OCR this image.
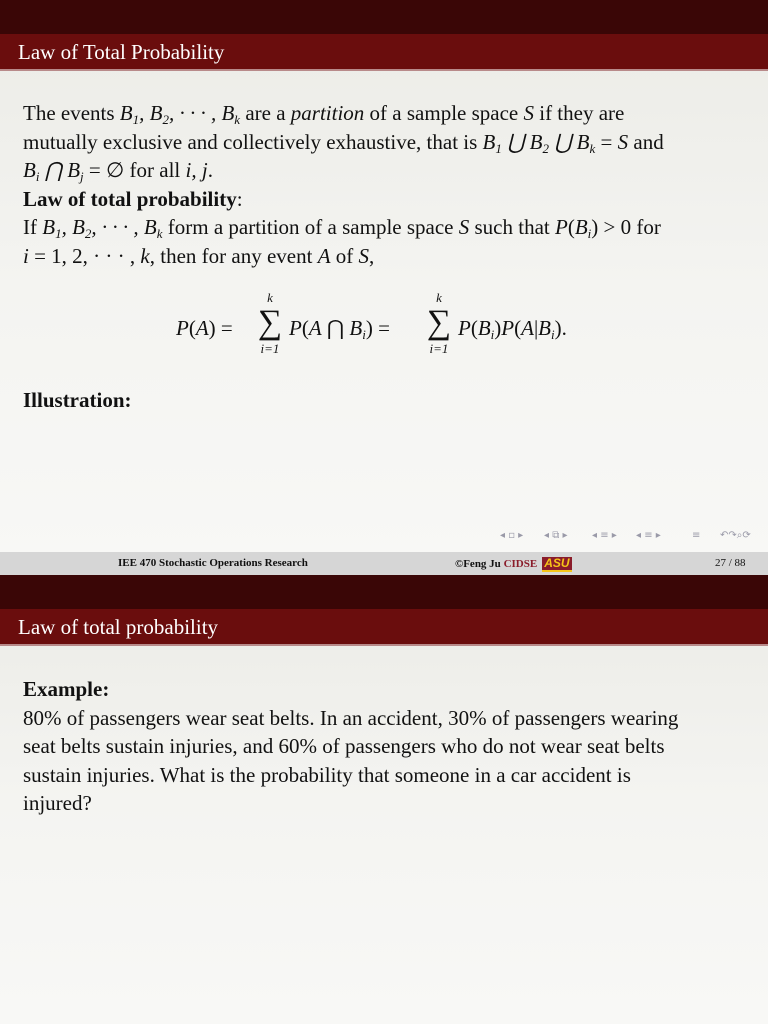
Law of Total Probability
The events $B_1$, $B_2$, · · · , $B_k$ are a partition of a sample space S if they are
mutually exclusive and collectively exhaustive, that is $B_1$ ⋃ $B_2$ ⋃ $B_k = S$ and
$B_i$ ⋂ $B_j$ = ∅ for all i, j.
Law of total probability:
If $B_1$, $B_2$, · · · , $B_k$ form a partition of a sample space S such that $P(B_i) > 0$ for
i = 1, 2, · · · , k, then for any event A of S,
P(A) =
k
∑
i=1
P(A ⋂ $B_i$) =
k
∑
i=1
$P(B_i)P(A|B_i)$.
Illustration:
◂ ▫ ▸ ◂ ⧉ ▸ ◂ ≡ ▸ ◂ ≡ ▸	≡ ↶↷⌕⟳
IEE 470 Stochastic Operations Research	©Feng Ju CIDSE ASU	27 / 88
Law of total probability
Example:
80% of passengers wear seat belts. In an accident, 30% of passengers wearing
seat belts sustain injuries, and 60% of passengers who do not wear seat belts
sustain injuries. What is the probability that someone in a car accident is
injured?
